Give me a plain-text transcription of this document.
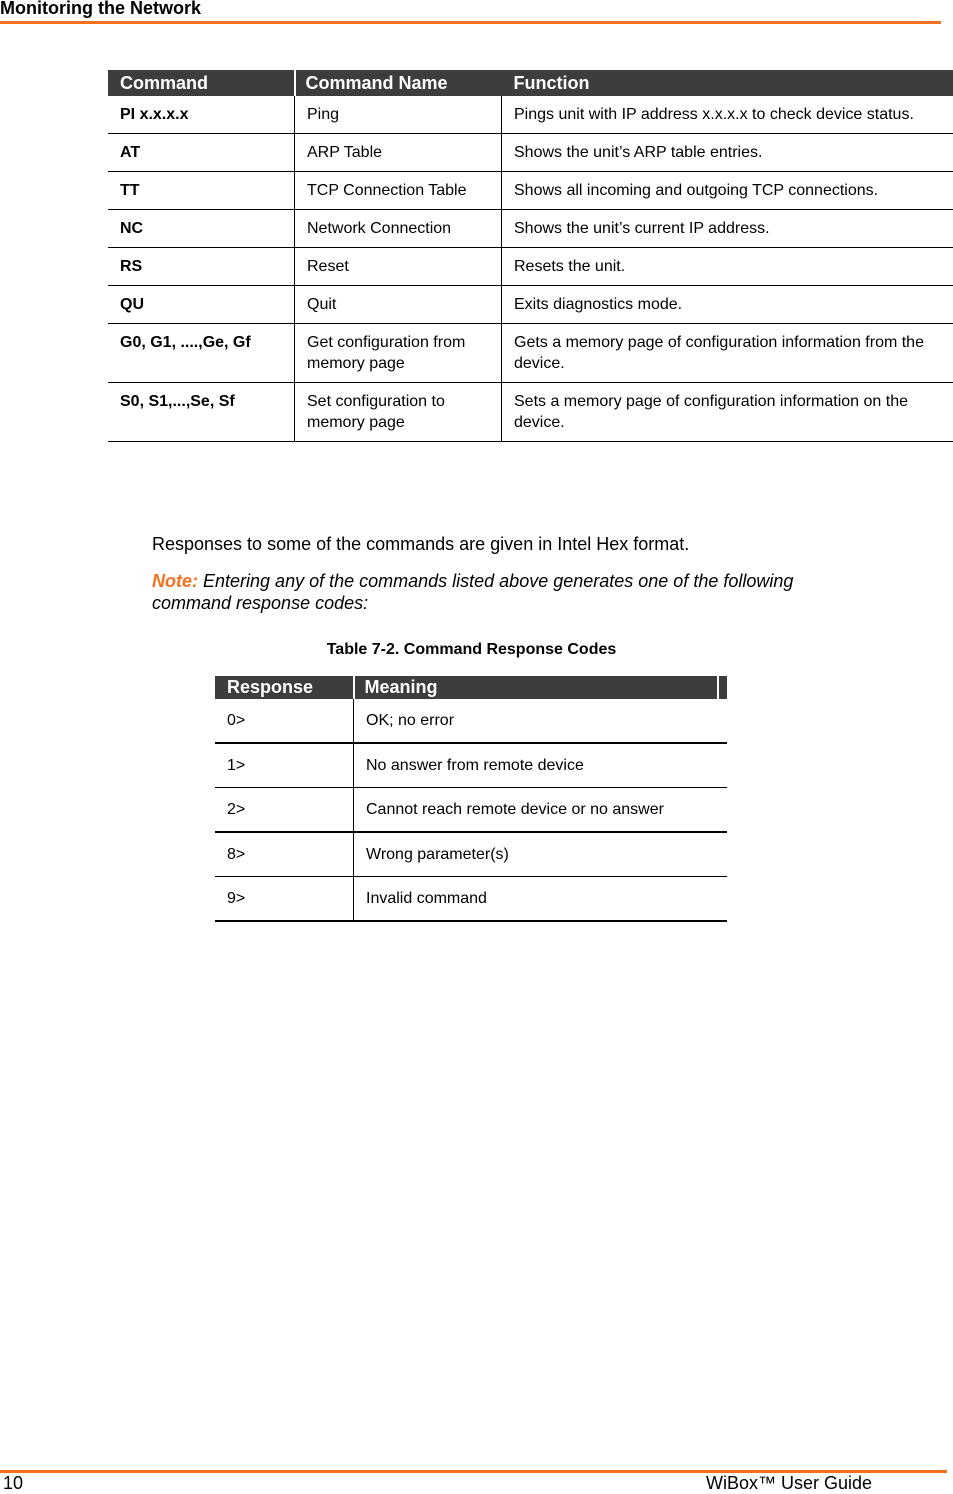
Monitoring the Network
Command	Command Name	Function
PI x.x.x.x	Ping	Pings unit with IP address x.x.x.x to check device status.
AT	ARP Table	Shows the unit’s ARP table entries.
TT	TCP Connection Table	Shows all incoming and outgoing TCP connections.
NC	Network Connection	Shows the unit’s current IP address.
RS	Reset	Resets the unit.
QU	Quit	Exits diagnostics mode.
G0, G1, ....,Ge, Gf	Get configuration from memory page	Gets a memory page of configuration information from the device.
S0, S1,...,Se, Sf	Set configuration to memory page	Sets a memory page of configuration information on the device.
Responses to some of the commands are given in Intel Hex format.
Note: Entering any of the commands listed above generates one of the following command response codes:
Table 7-2. Command Response Codes
Response	Meaning	
0>	OK; no error	
1>	No answer from remote device	
2>	Cannot reach remote device or no answer	
8>	Wrong parameter(s)	
9>	Invalid command	
10	WiBox™ User Guide
